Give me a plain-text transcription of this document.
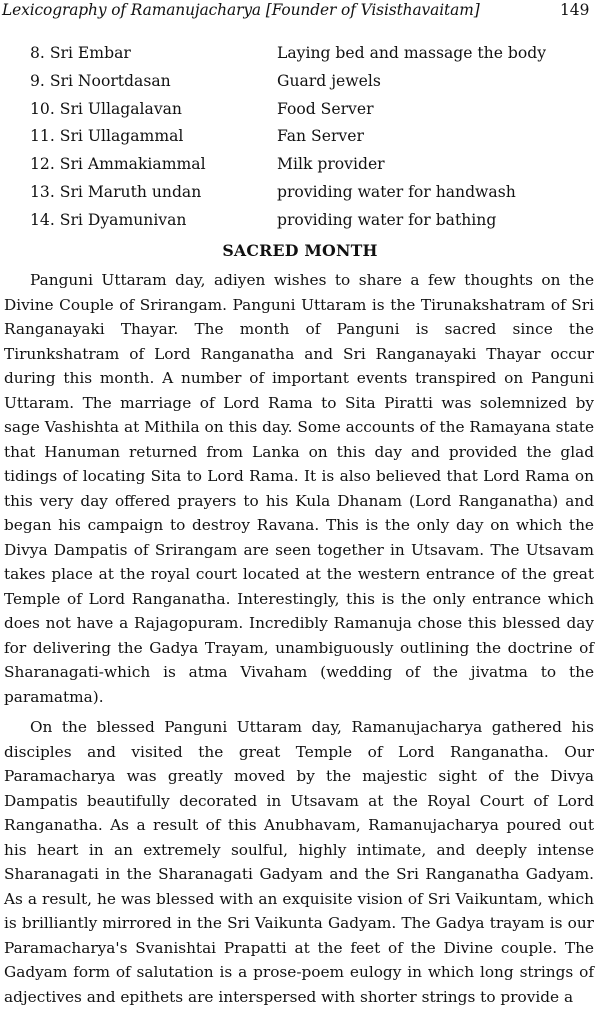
Lexicography of Ramanujacharya [Founder of Visisthavaitam]	149
8. Sri Embar	Laying bed and massage the body
9. Sri Noortdasan	Guard jewels
10. Sri Ullagalavan	Food Server
11. Sri Ullagammal	Fan Server
12. Sri Ammakiammal	Milk provider
13. Sri Maruth undan	providing water for handwash
14. Sri Dyamunivan	providing water for bathing
SACRED MONTH

Panguni Uttaram day, adiyen wishes to share a few thoughts on the Divine Couple of Srirangam. Panguni Uttaram is the Tirunakshatram of Sri Ranganayaki Thayar. The month of Panguni is sacred since the Tirunkshatram of Lord Ranganatha and Sri Ranganayaki Thayar occur during this month. A number of important events transpired on Panguni Uttaram. The marriage of Lord Rama to Sita Piratti was solemnized by sage Vashishta at Mithila on this day. Some accounts of the Ramayana state that Hanuman returned from Lanka on this day and provided the glad tidings of locating Sita to Lord Rama. It is also believed that Lord Rama on this very day offered prayers to his Kula Dhanam (Lord Ranganatha) and began his campaign to destroy Ravana. This is the only day on which the Divya Dampatis of Srirangam are seen together in Utsavam. The Utsavam takes place at the royal court located at the western entrance of the great Temple of Lord Ranganatha. Interestingly, this is the only entrance which does not have a Rajagopuram. Incredibly Ramanuja chose this blessed day for delivering the Gadya Trayam, unambiguously outlining the doctrine of Sharanagati-which is atma Vivaham (wedding of the jivatma to the paramatma).

On the blessed Panguni Uttaram day, Ramanujacharya gathered his disciples and visited the great Temple of Lord Ranganatha. Our Paramacharya was greatly moved by the majestic sight of the Divya Dampatis beautifully decorated in Utsavam at the Royal Court of Lord Ranganatha. As a result of this Anubhavam, Ramanujacharya poured out his heart in an extremely soulful, highly intimate, and deeply intense Sharanagati in the Sharanagati Gadyam and the Sri Ranganatha Gadyam. As a result, he was blessed with an exquisite vision of Sri Vaikuntam, which is brilliantly mirrored in the Sri Vaikunta Gadyam. The Gadya trayam is our Paramacharya's Svanishtai Prapatti at the feet of the Divine couple. The Gadyam form of salutation is a prose-poem eulogy in which long strings of adjectives and epithets are interspersed with shorter strings to provide a
